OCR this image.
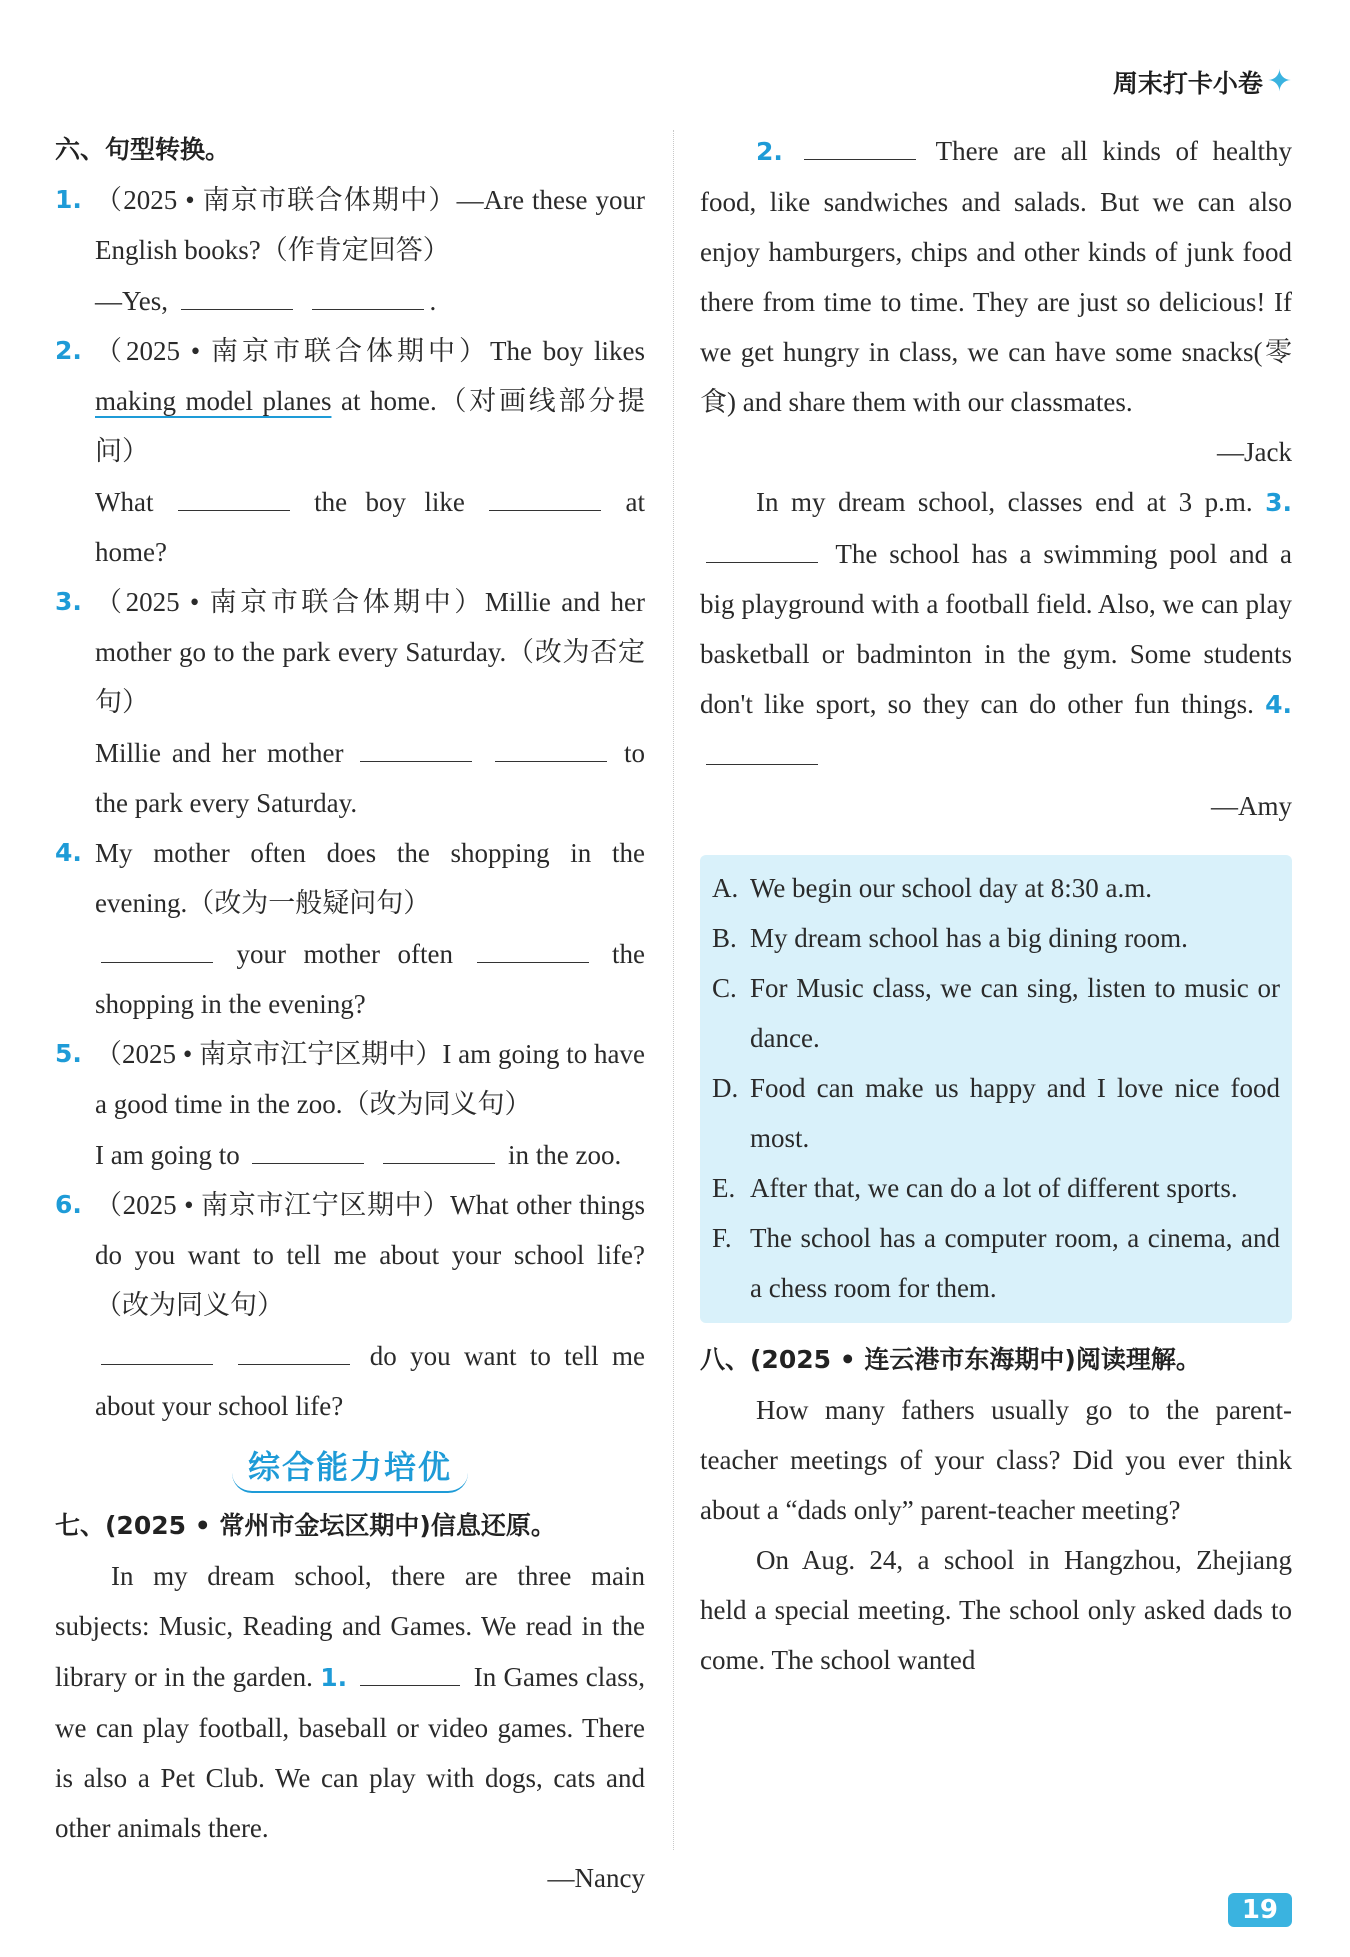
周末打卡小卷 ✦
六、句型转换。
1. （2025 • 南京市联合体期中）—Are these your English books?（作肯定回答）
—Yes,	.
2. （2025 • 南京市联合体期中）The boy likes making model planes at home.（对画线部分提问）
What	the boy like	at home?
3. （2025 • 南京市联合体期中）Millie and her mother go to the park every Saturday.（改为否定句）
Millie and her mother	to the park every Saturday.
4. My mother often does the shopping in the evening.（改为一般疑问句）
your mother often	the shopping in the evening?
5. （2025 • 南京市江宁区期中）I am going to have a good time in the zoo.（改为同义句）
I am going to	in the zoo.
6. （2025 • 南京市江宁区期中）What other things do you want to tell me about your school life?（改为同义句）
do you want to tell me about your school life?
综合能力培优
七、(2025 • 常州市金坛区期中)信息还原。
In my dream school, there are three main subjects: Music, Reading and Games. We read in the library or in the garden. 1.	In Games class, we can play football, baseball or video games. There is also a Pet Club. We can play with dogs, cats and other animals there.
—Nancy
2.	There are all kinds of healthy food, like sandwiches and salads. But we can also enjoy hamburgers, chips and other kinds of junk food there from time to time. They are just so delicious! If we get hungry in class, we can have some snacks(零食) and share them with our classmates.
—Jack
In my dream school, classes end at 3 p.m. 3.  The school has a swimming pool and a big playground with a football field. Also, we can play basketball or badminton in the gym. Some students don't like sport, so they can do other fun things. 4.
—Amy
A. We begin our school day at 8:30 a.m.
B. My dream school has a big dining room.
C. For Music class, we can sing, listen to music or dance.
D. Food can make us happy and I love nice food most.
E. After that, we can do a lot of different sports.
F. The school has a computer room, a cinema, and a chess room for them.
八、(2025 • 连云港市东海期中)阅读理解。
How many fathers usually go to the parent-teacher meetings of your class? Did you ever think about a “dads only” parent-teacher meeting?
On Aug. 24, a school in Hangzhou, Zhejiang held a special meeting. The school only asked dads to come. The school wanted
19
